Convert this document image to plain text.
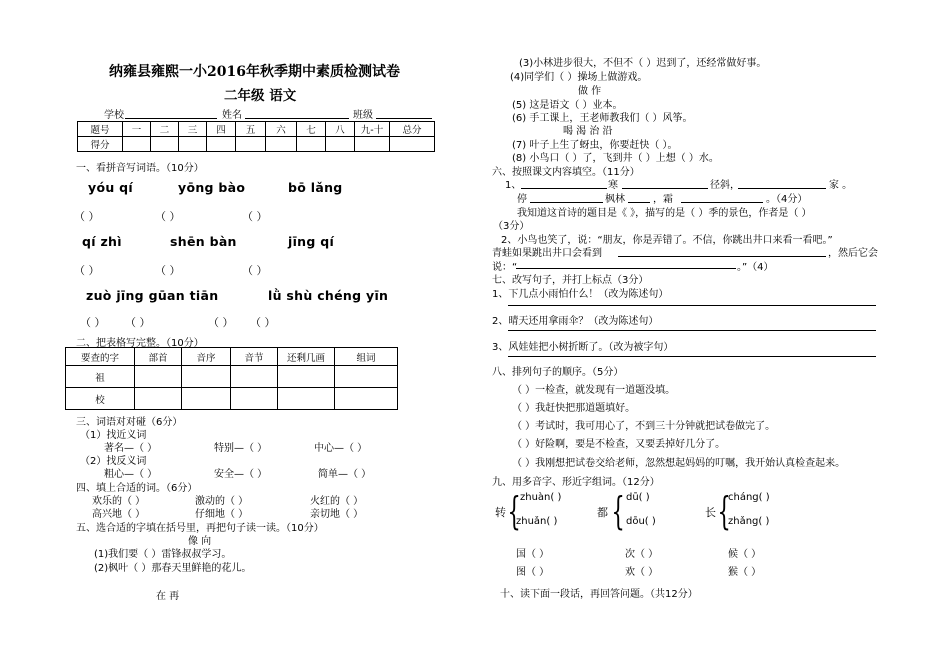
纳雍县雍熙一小2016年秋季期中素质检测试卷
二年级 语文
学校	姓名	班级
题号	一	二	三	四	五	六	七	八	九-十	总分
得分										
一、看拼音写词语。（10分）
yóu qí	yōng bào	bō lǎng
（ ）	（ ）	（ ）
qí zhì	shēn bàn	jīng qí
（ ）	（ ）	（ ）
zuò jīng gūan tiān	lǜ shù chéng yīn
（ ） （ ）	（ ） （ ）
二、把表格写完整。（10分）
要查的字	部首	音序	音节	还剩几画	组词
祖					
校					
三、词语对对碰（6分）
（1）找近义词
著名—（ ）	特别—（ ）	中心—（ ）
（2）找反义词
粗心—（ ）	安全—（ ）	简单—（ ）
四、填上合适的词。（6分）
欢乐的（ ）	激动的（ ）	火红的（ ）
高兴地（ ）	仔细地（ ）	亲切地（ ）
五、选合适的字填在括号里，再把句子读一读。（10分）
像 向
(1)我们要（ ）雷锋叔叔学习。
(2)枫叶（ ）那春天里鲜艳的花儿。
在 再
(3)小林进步很大，不但不（ ）迟到了，还经常做好事。
(4)同学们（ ）操场上做游戏。
做 作
(5) 这是语文（ ）业本。
(6) 手工课上，王老师教我们（ ）风筝。
喝 渴 治 沿
(7) 叶子上生了蚜虫，你要赶快（ ）。
(8) 小鸟口（ ）了，飞到井（ ）上想（ ）水。
六、按照课文内容填空。（11分）
1、	寒	径斜，	家 。
停	枫林	，霜	。（4分）
我知道这首诗的题目是《 》，描写的是（ ）季的景色，作者是（ ）
（3分）
2、小鸟也笑了，说：“朋友，你是弄错了。不信，你跳出井口来看一看吧。”
青蛙如果跳出井口会看到	，然后它会
说：“	。”（4）
七、改写句子，并打上标点（3分）
1、下几点小雨怕什么！（改为陈述句）
2、晴天还用拿雨伞？（改为陈述句）
3、风娃娃把小树折断了。（改为被字句）
八、排列句子的顺序。（5分）
（ ）一检查，就发现有一道题没填。
（ ）我赶快把那道题填好。
（ ）考试时，我可用心了，不到三十分钟就把试卷做完了。
（ ）好险啊，要是不检查，又要丢掉好几分了。
（ ）我刚想把试卷交给老师，忽然想起妈妈的叮嘱，我开始认真检查起来。
九、用多音字、形近字组词。（12分）
转 { zhuàn( )
zhuǎn( )
都 { dū( )
dōu( )
长 {
cháng( )
zhǎng( )
国（ ）	次（ ）	候（ ）
图（ ）	欢（ ）	猴（ ）
十、读下面一段话，再回答问题。（共12分）
